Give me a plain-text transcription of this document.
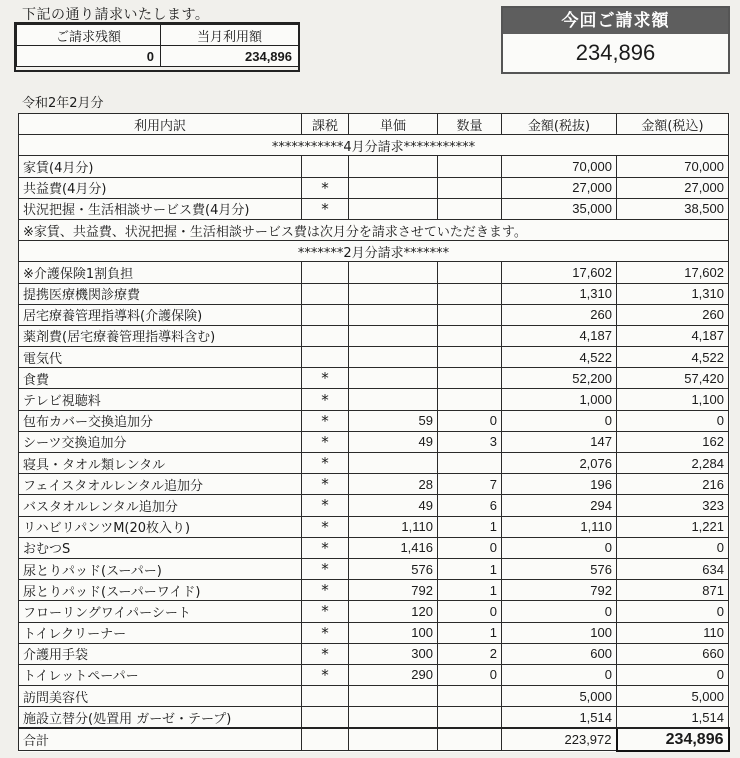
下記の通り請求いたします。
ご請求残額	当月利用額
0	234,896
今回ご請求額
234,896
令和2年2月分
利用内訳	課税	単価	数量	金額(税抜)	金額(税込)
***********4月分請求***********					
家賃(4月分)				70,000	70,000
共益費(4月分)	*			27,000	27,000
状況把握・生活相談サービス費(4月分)	*			35,000	38,500
※家賃、共益費、状況把握・生活相談サービス費は次月分を請求させていただきます。					
*******2月分請求*******					
※介護保険1割負担				17,602	17,602
提携医療機関診療費				1,310	1,310
居宅療養管理指導料(介護保険)				260	260
薬剤費(居宅療養管理指導料含む)				4,187	4,187
電気代				4,522	4,522
食費	*			52,200	57,420
テレビ視聴料	*			1,000	1,100
包布カバー交換追加分	*	59	0	0	0
シーツ交換追加分	*	49	3	147	162
寝具・タオル類レンタル	*			2,076	2,284
フェイスタオルレンタル追加分	*	28	7	196	216
バスタオルレンタル追加分	*	49	6	294	323
リハビリパンツM(20枚入り)	*	1,110	1	1,110	1,221
おむつS	*	1,416	0	0	0
尿とりパッド(スーパー)	*	576	1	576	634
尿とりパッド(スーパーワイド)	*	792	1	792	871
フローリングワイパーシート	*	120	0	0	0
トイレクリーナー	*	100	1	100	110
介護用手袋	*	300	2	600	660
トイレットペーパー	*	290	0	0	0
訪問美容代				5,000	5,000
施設立替分(処置用 ガーゼ・テープ)				1,514	1,514
合計				223,972	234,896
